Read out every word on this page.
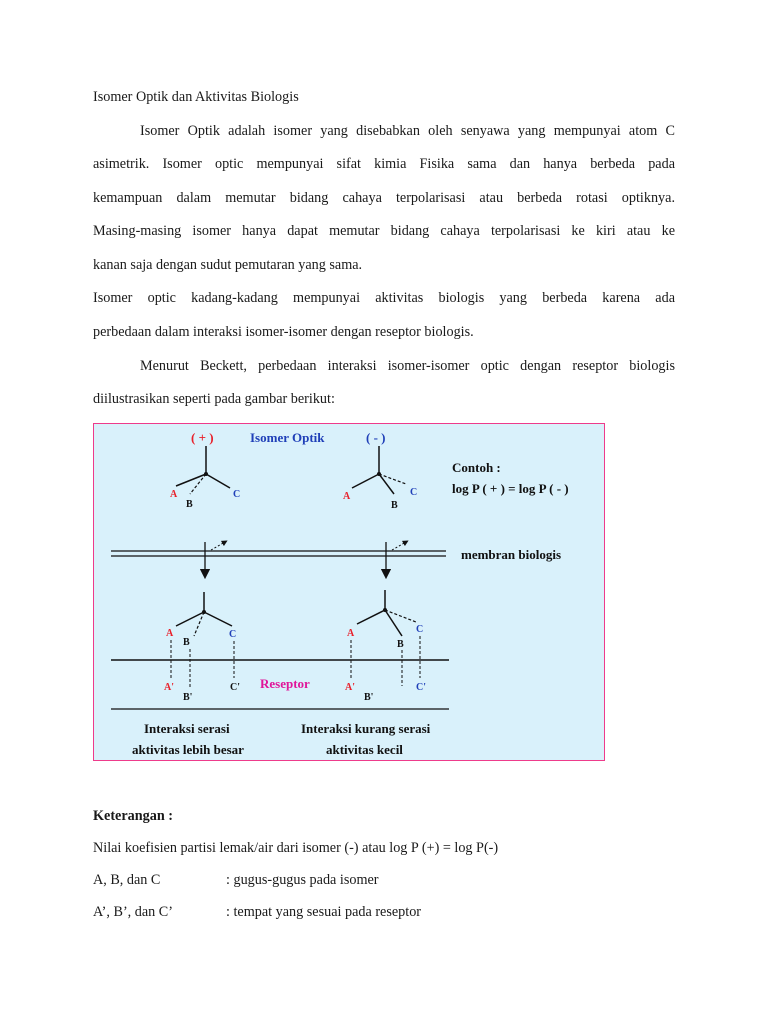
Isomer Optik dan Aktivitas Biologis
Isomer Optik adalah isomer yang disebabkan oleh senyawa yang mempunyai atom C
asimetrik. Isomer optic mempunyai sifat kimia Fisika sama dan hanya berbeda pada
kemampuan dalam memutar bidang cahaya terpolarisasi atau berbeda rotasi optiknya.
Masing-masing isomer hanya dapat memutar bidang cahaya terpolarisasi ke kiri atau ke
kanan saja dengan sudut pemutaran yang sama.
Isomer optic kadang-kadang mempunyai aktivitas biologis yang berbeda karena ada
perbedaan dalam interaksi isomer-isomer dengan reseptor biologis.
Menurut Beckett, perbedaan interaksi isomer-isomer optic dengan reseptor biologis
diilustrasikan seperti pada gambar berikut:
( + )	Isomer Optik	( - )
A
B
C	A
B
C
Contoh :
log P ( + ) = log P ( - )
membran biologis
A
B
C	A
B
C
A'
B'
C'	A'
B'
C'
Reseptor
Interaksi serasi
aktivitas lebih besar
Interaksi kurang serasi
aktivitas kecil
Keterangan :
Nilai koefisien partisi lemak/air dari isomer (-) atau log P (+) = log P(-)
A, B, dan C	: gugus-gugus pada isomer
A’, B’, dan C’	: tempat yang sesuai pada reseptor
